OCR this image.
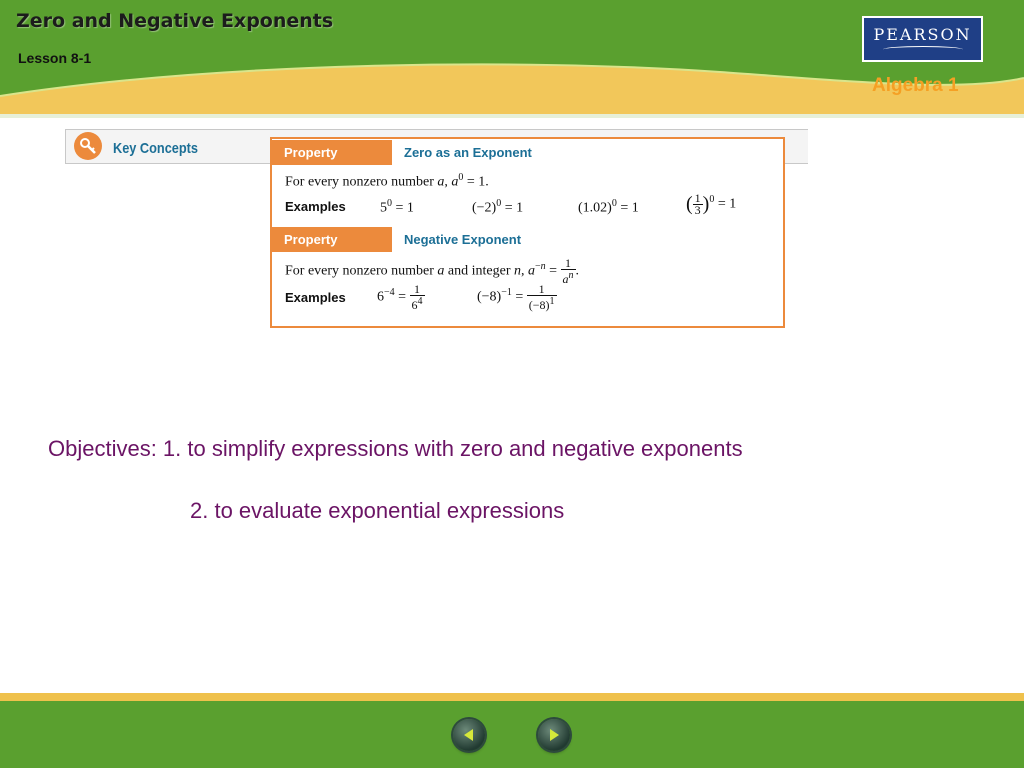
Zero and Negative Exponents
Lesson 8-1
PEARSON
Algebra 1
Key Concepts	Property	Zero as an Exponent
For every nonzero number a, $a^0 = 1$.
Examples $5^0 = 1$	$(-2)^0 = 1$	$(1.02)^0 = 1$ ( $\frac{1}{3} )^0 = 1$
Property	Negative Exponent
For every nonzero number a and integer n, $a^{-n} = \frac{1}{a^n}$ .
Examples $6^{-4} = \frac{1}{6^4}$	$(-8)^{-1} = \frac{1}{(-8)^1}$
Objectives: 1. to simplify expressions with zero and negative exponents
2. to evaluate exponential expressions
